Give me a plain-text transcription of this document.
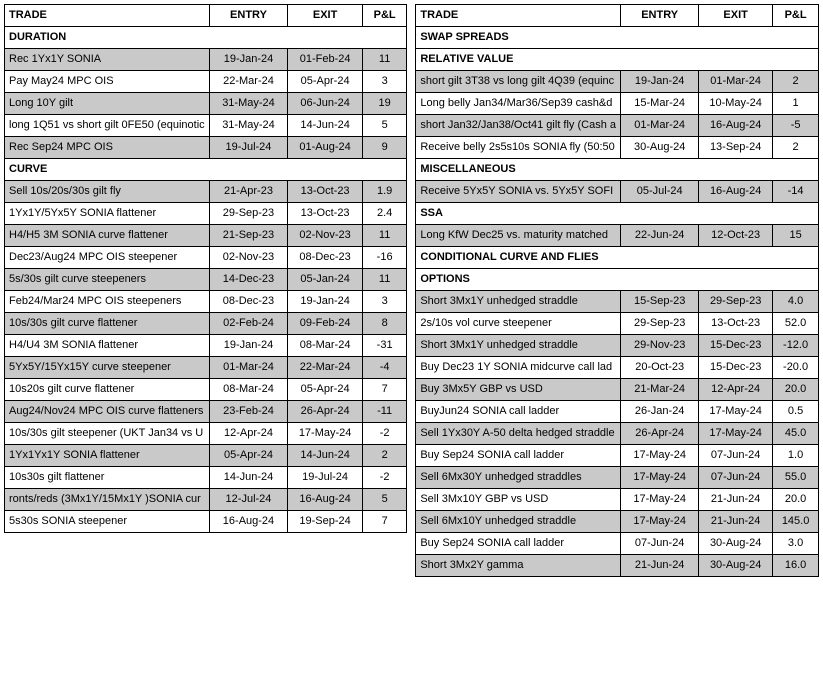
TRADE	ENTRY	EXIT	P&L
DURATION			
Rec 1Yx1Y SONIA	19-Jan-24	01-Feb-24	11
Pay May24 MPC OIS	22-Mar-24	05-Apr-24	3
Long 10Y gilt	31-May-24	06-Jun-24	19
long 1Q51 vs short gilt 0FE50 (equinotic	31-May-24	14-Jun-24	5
Rec Sep24 MPC OIS	19-Jul-24	01-Aug-24	9
CURVE			
Sell 10s/20s/30s gilt fly	21-Apr-23	13-Oct-23	1.9
1Yx1Y/5Yx5Y SONIA flattener	29-Sep-23	13-Oct-23	2.4
H4/H5 3M SONIA curve flattener	21-Sep-23	02-Nov-23	11
Dec23/Aug24 MPC OIS steepener	02-Nov-23	08-Dec-23	-16
5s/30s gilt curve steepeners	14-Dec-23	05-Jan-24	11
Feb24/Mar24 MPC OIS steepeners	08-Dec-23	19-Jan-24	3
10s/30s gilt curve flattener	02-Feb-24	09-Feb-24	8
H4/U4 3M SONIA flattener	19-Jan-24	08-Mar-24	-31
5Yx5Y/15Yx15Y curve steepener	01-Mar-24	22-Mar-24	-4
10s20s gilt curve flattener	08-Mar-24	05-Apr-24	7
Aug24/Nov24 MPC OIS curve flatteners	23-Feb-24	26-Apr-24	-11
10s/30s gilt steepener (UKT Jan34 vs U	12-Apr-24	17-May-24	-2
1Yx1Yx1Y SONIA flattener	05-Apr-24	14-Jun-24	2
10s30s gilt flattener	14-Jun-24	19-Jul-24	-2
ronts/reds (3Mx1Y/15Mx1Y )SONIA cur	12-Jul-24	16-Aug-24	5
5s30s SONIA steepener	16-Aug-24	19-Sep-24	7
TRADE	ENTRY	EXIT	P&L
SWAP SPREADS			
RELATIVE VALUE			
short gilt 3T38 vs long gilt 4Q39 (equinc	19-Jan-24	01-Mar-24	2
Long belly Jan34/Mar36/Sep39 cash&d	15-Mar-24	10-May-24	1
short Jan32/Jan38/Oct41 gilt fly (Cash a	01-Mar-24	16-Aug-24	-5
Receive belly 2s5s10s SONIA fly (50:50	30-Aug-24	13-Sep-24	2
MISCELLANEOUS			
Receive 5Yx5Y SONIA vs. 5Yx5Y SOFI	05-Jul-24	16-Aug-24	-14
SSA			
Long KfW Dec25 vs. maturity matched	22-Jun-24	12-Oct-23	15
CONDITIONAL CURVE AND FLIES			
OPTIONS			
Short 3Mx1Y unhedged straddle	15-Sep-23	29-Sep-23	4.0
2s/10s vol curve steepener	29-Sep-23	13-Oct-23	52.0
Short 3Mx1Y unhedged straddle	29-Nov-23	15-Dec-23	-12.0
Buy Dec23 1Y SONIA midcurve call lad	20-Oct-23	15-Dec-23	-20.0
Buy 3Mx5Y GBP vs USD	21-Mar-24	12-Apr-24	20.0
BuyJun24 SONIA call ladder	26-Jan-24	17-May-24	0.5
Sell 1Yx30Y A-50 delta hedged straddle	26-Apr-24	17-May-24	45.0
Buy Sep24 SONIA call ladder	17-May-24	07-Jun-24	1.0
Sell 6Mx30Y unhedged straddles	17-May-24	07-Jun-24	55.0
Sell 3Mx10Y GBP vs USD	17-May-24	21-Jun-24	20.0
Sell 6Mx10Y unhedged straddle	17-May-24	21-Jun-24	145.0
Buy Sep24 SONIA call ladder	07-Jun-24	30-Aug-24	3.0
Short 3Mx2Y gamma	21-Jun-24	30-Aug-24	16.0
